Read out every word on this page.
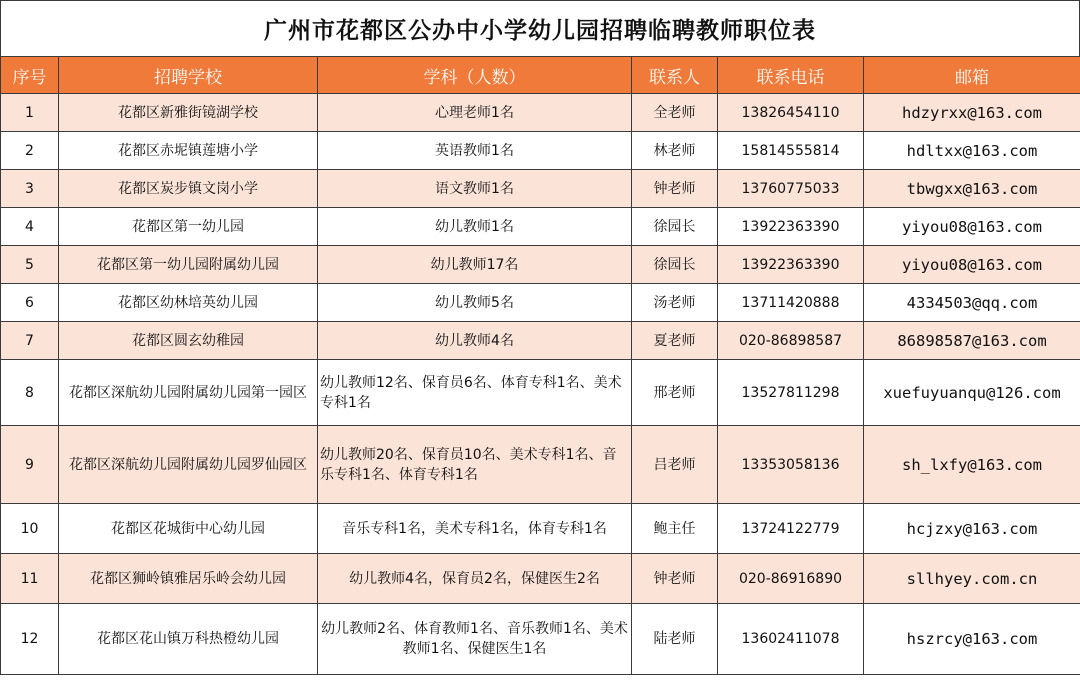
广州市花都区公办中小学幼儿园招聘临聘教师职位表
序号	招聘学校	学科（人数）	联系人	联系电话	邮箱
1	花都区新雅街镜湖学校	心理老师1名	全老师	13826454110	hdzyrxx@163.com
2	花都区赤坭镇莲塘小学	英语教师1名	林老师	15814555814	hdltxx@163.com
3	花都区炭步镇文岗小学	语文教师1名	钟老师	13760775033	tbwgxx@163.com
4	花都区第一幼儿园	幼儿教师1名	徐园长	13922363390	yiyou08@163.com
5	花都区第一幼儿园附属幼儿园	幼儿教师17名	徐园长	13922363390	yiyou08@163.com
6	花都区幼林培英幼儿园	幼儿教师5名	汤老师	13711420888	4334503@qq.com
7	花都区圆玄幼稚园	幼儿教师4名	夏老师	020-86898587	86898587@163.com
8	花都区深航幼儿园附属幼儿园第一园区	幼儿教师12名、保育员6名、体育专科1名、美术专科1名	邢老师	13527811298	xuefuyuanqu@126.com
9	花都区深航幼儿园附属幼儿园罗仙园区	幼儿教师20名、保育员10名、美术专科1名、音乐专科1名、体育专科1名	吕老师	13353058136	sh_lxfy@163.com
10	花都区花城街中心幼儿园	音乐专科1名，美术专科1名，体育专科1名	鲍主任	13724122779	hcjzxy@163.com
11	花都区狮岭镇雅居乐岭会幼儿园	幼儿教师4名，保育员2名，保健医生2名	钟老师	020-86916890	sllhyey.com.cn
12	花都区花山镇万科热橙幼儿园	幼儿教师2名、体育教师1名、音乐教师1名、美术教师1名、保健医生1名	陆老师	13602411078	hszrcy@163.com
